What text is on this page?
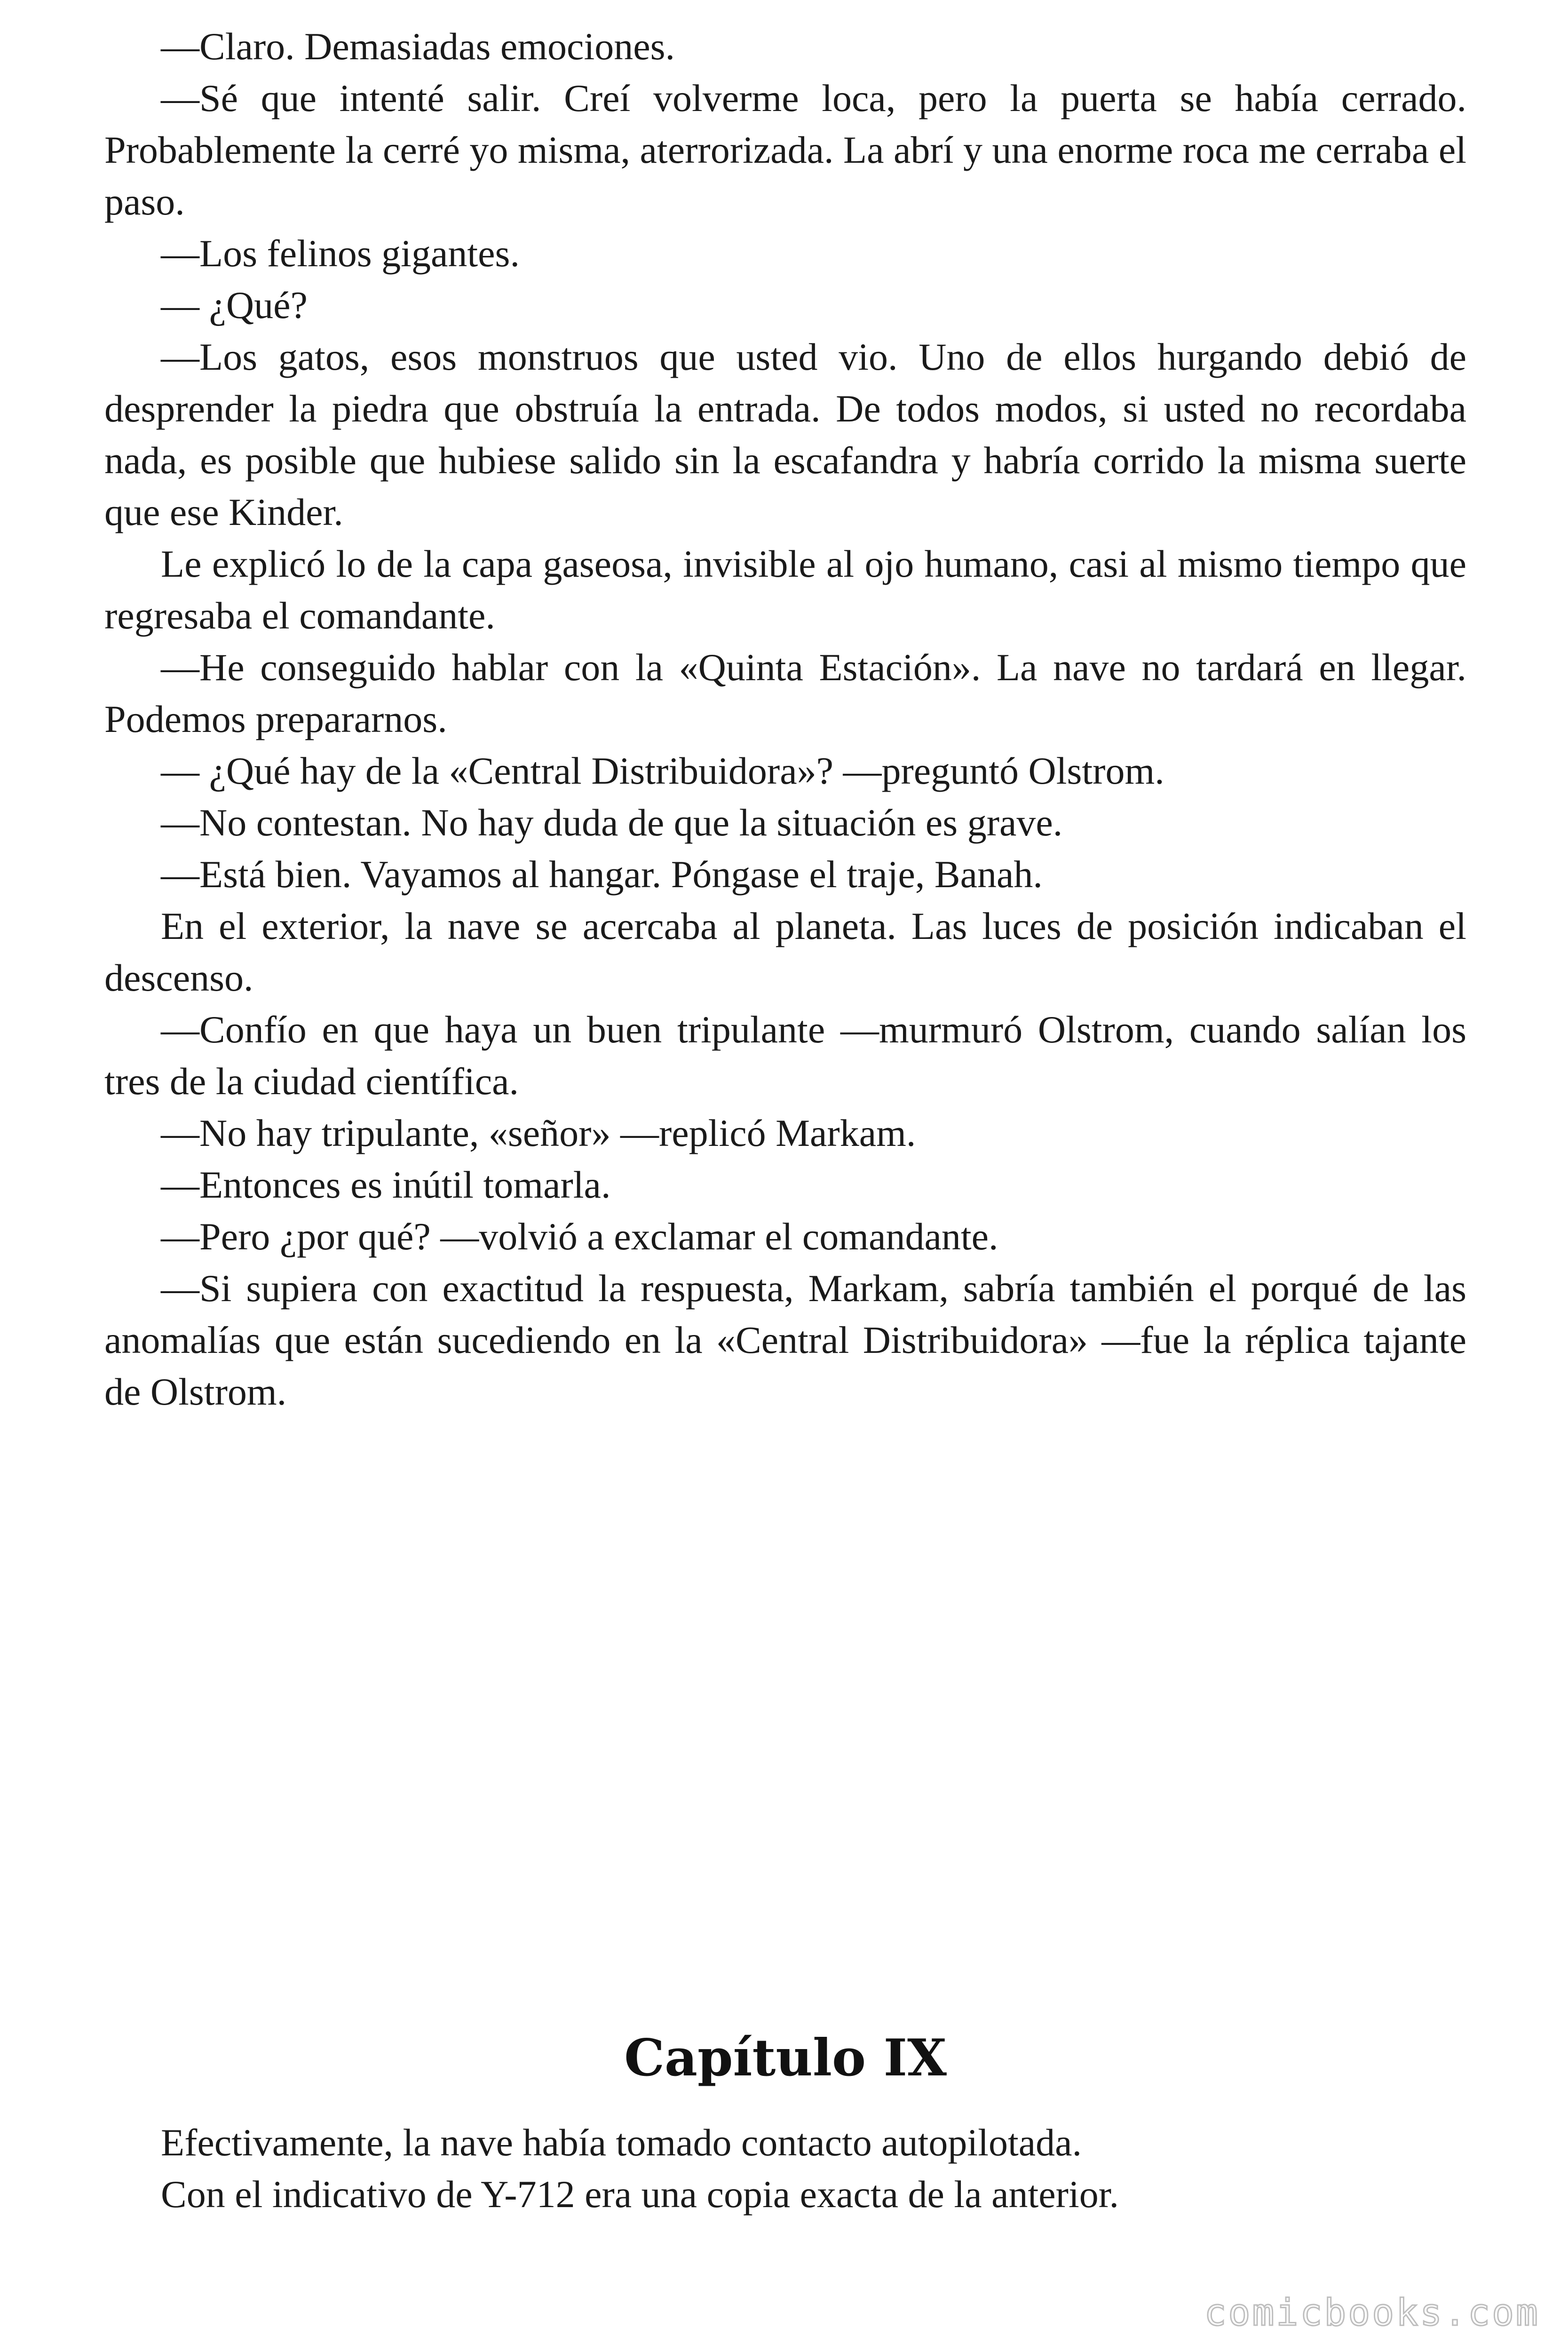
—Claro. Demasiadas emociones.

—Sé que intenté salir. Creí volverme loca, pero la puerta se había cerrado. Probablemente la cerré yo misma, aterrorizada. La abrí y una enorme roca me cerraba el paso.

—Los felinos gigantes.

— ¿Qué?

—Los gatos, esos monstruos que usted vio. Uno de ellos hurgando debió de desprender la piedra que obstruía la entrada. De todos modos, si usted no recordaba nada, es posible que hubiese salido sin la escafandra y habría corrido la misma suerte que ese Kinder.

Le explicó lo de la capa gaseosa, invisible al ojo humano, casi al mismo tiempo que regresaba el comandante.

—He conseguido hablar con la «Quinta Estación». La nave no tardará en llegar. Podemos prepararnos.

— ¿Qué hay de la «Central Distribuidora»? —preguntó Olstrom.

—No contestan. No hay duda de que la situación es grave.

—Está bien. Vayamos al hangar. Póngase el traje, Banah.

En el exterior, la nave se acercaba al planeta. Las luces de posición indicaban el descenso.

—Confío en que haya un buen tripulante —murmuró Olstrom, cuando salían los tres de la ciudad científica.

—No hay tripulante, «señor» —replicó Markam.

—Entonces es inútil tomarla.

—Pero ¿por qué? —volvió a exclamar el comandante.

—Si supiera con exactitud la respuesta, Markam, sabría también el porqué de las anomalías que están sucediendo en la «Central Distribuidora» —fue la réplica tajante de Olstrom.

Capítulo IX

Efectivamente, la nave había tomado contacto autopilotada.

Con el indicativo de Y-712 era una copia exacta de la anterior.

comicbooks.com
